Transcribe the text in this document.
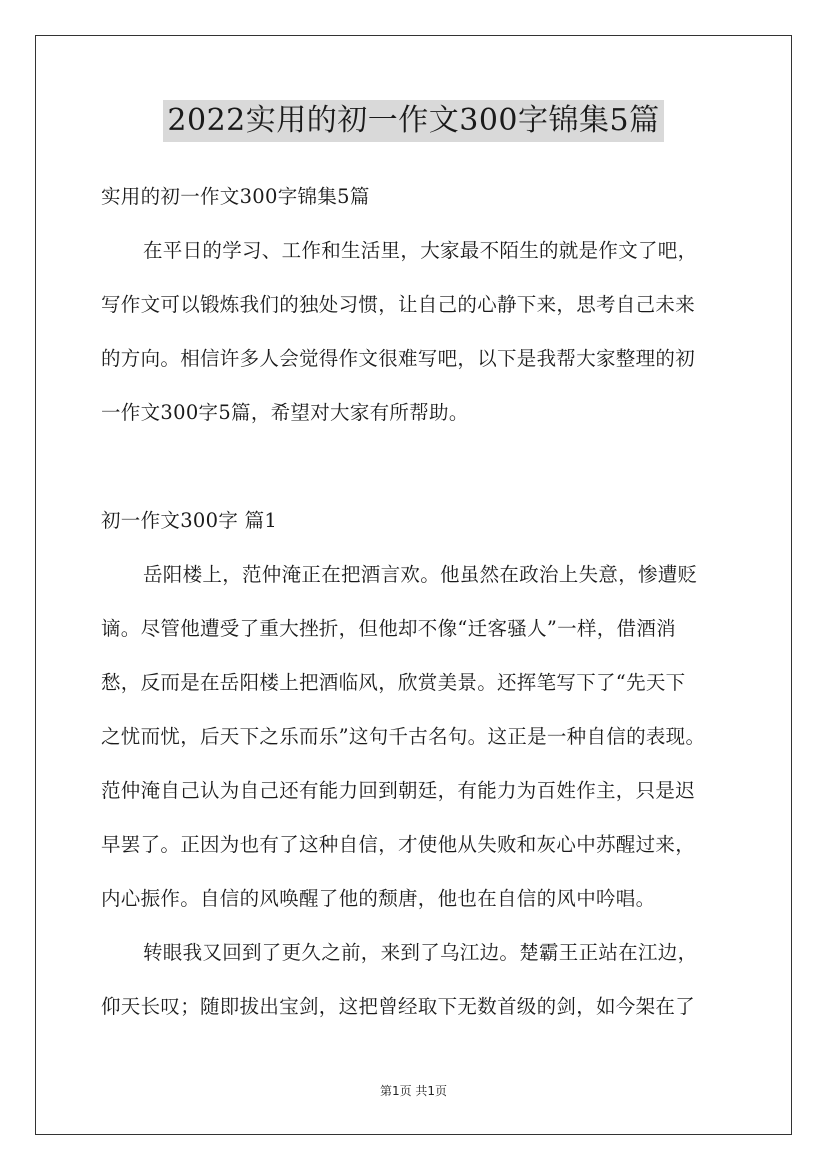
2022实用的初一作文300字锦集5篇
实用的初一作文300字锦集5篇
在平日的学习、工作和生活里，大家最不陌生的就是作文了吧，
写作文可以锻炼我们的独处习惯，让自己的心静下来，思考自己未来
的方向。相信许多人会觉得作文很难写吧，以下是我帮大家整理的初
一作文300字5篇，希望对大家有所帮助。
初一作文300字 篇1
岳阳楼上，范仲淹正在把酒言欢。他虽然在政治上失意，惨遭贬
谪。尽管他遭受了重大挫折，但他却不像“迁客骚人”一样，借酒消
愁，反而是在岳阳楼上把酒临风，欣赏美景。还挥笔写下了“先天下
之忧而忧，后天下之乐而乐”这句千古名句。这正是一种自信的表现。
范仲淹自己认为自己还有能力回到朝廷，有能力为百姓作主，只是迟
早罢了。正因为也有了这种自信，才使他从失败和灰心中苏醒过来，
内心振作。自信的风唤醒了他的颓唐，他也在自信的风中吟唱。
转眼我又回到了更久之前，来到了乌江边。楚霸王正站在江边，
仰天长叹；随即拔出宝剑，这把曾经取下无数首级的剑，如今架在了
第1页 共1页
